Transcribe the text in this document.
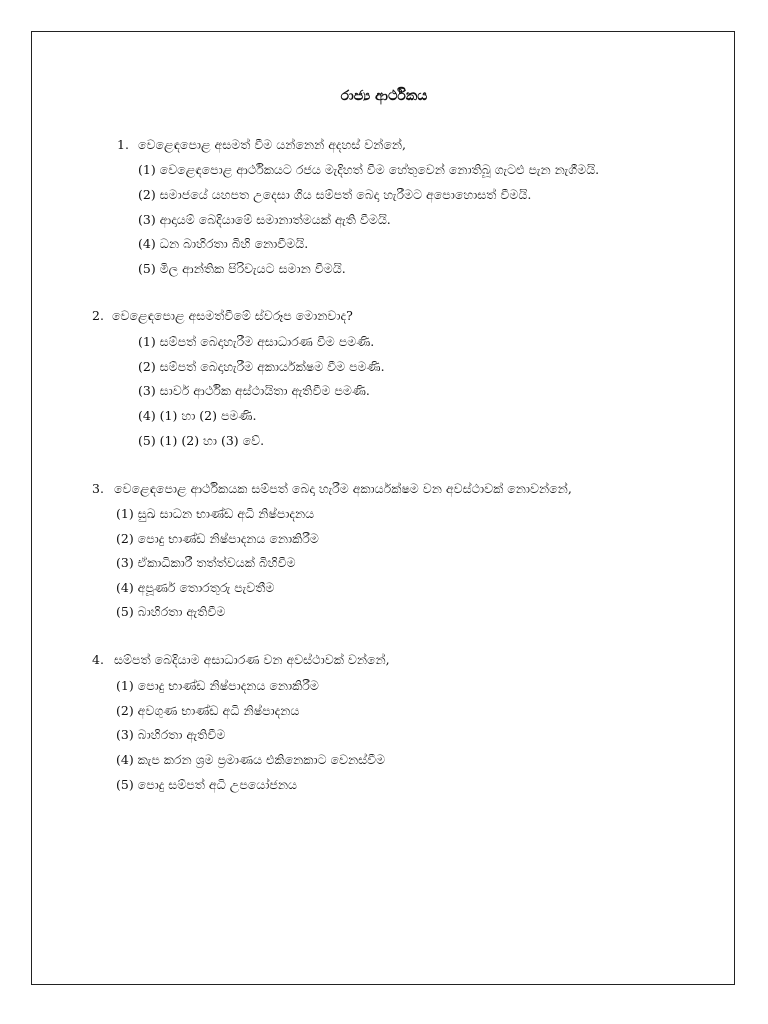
රාජ්‍ය ආර්ථිකය
1. වෙළෙඳපොළ අසමත් වීම යන්නෙන් අදහස් වන්නේ,
(1) වෙළෙඳපොළ ආර්ථිකයට රජය මැදිහත් වීම හේතුවෙන් නොතිබූ ගැටළු පැන නැගීමයි.
(2) සමාජයේ යහපත උදෙසා ගිය සම්පත් බෙදා හැරීමට අපොහොසත් වීමයි.
(3) ආදායම් බෙදියාමේ සමානාත්මයක් ඇති වීමයි.
(4) ධන බාහිරතා බිහි නොවීමයි.
(5) මිල ආන්තික පිරිවැයට සමාන වීමයි.
2. වෙළෙඳපොළ අසමත්වීමේ ස්වරූප මොනවාද?
(1) සම්පත් බෙදාහැරීම අසාධාරණ වීම පමණි.
(2) සම්පත් බෙදාහැරීම අකාර්යක්ෂම වීම පමණි.
(3) සාර්ව ආර්ථික අස්ථායිතා ඇතිවීම පමණි.
(4) (1) හා (2) පමණි.
(5) (1) (2) හා (3) වේ.
3. වෙළෙඳපොළ ආර්ථිකයක සම්පත් බෙදා හැරීම අකාර්යක්ෂම වන අවස්ථාවක් නොවන්නේ,
(1) සුඛ සාධන භාණ්ඩ අධි නිෂ්පාදනය
(2) පොදු භාණ්ඩ නිෂ්පාදනය නොකිරීම
(3) ඒකාධිකාරී තත්ත්වයක් බිහිවීම
(4) අපූර්ණ තොරතුරු පැවතීම
(5) බාහිරතා ඇතිවීම
4. සම්පත් බෙදියාම අසාධාරණ වන අවස්ථාවක් වන්නේ,
(1) පොදු භාණ්ඩ නිෂ්පාදනය නොකිරීම
(2) අවගුණ භාණ්ඩ අධි නිෂ්පාදනය
(3) බාහිරතා ඇතිවීම
(4) කැප කරන ශ්‍රම ප්‍රමාණය එකිනෙකාට වෙනස්වීම
(5) පොදු සම්පත් අධි උපයෝජනය
